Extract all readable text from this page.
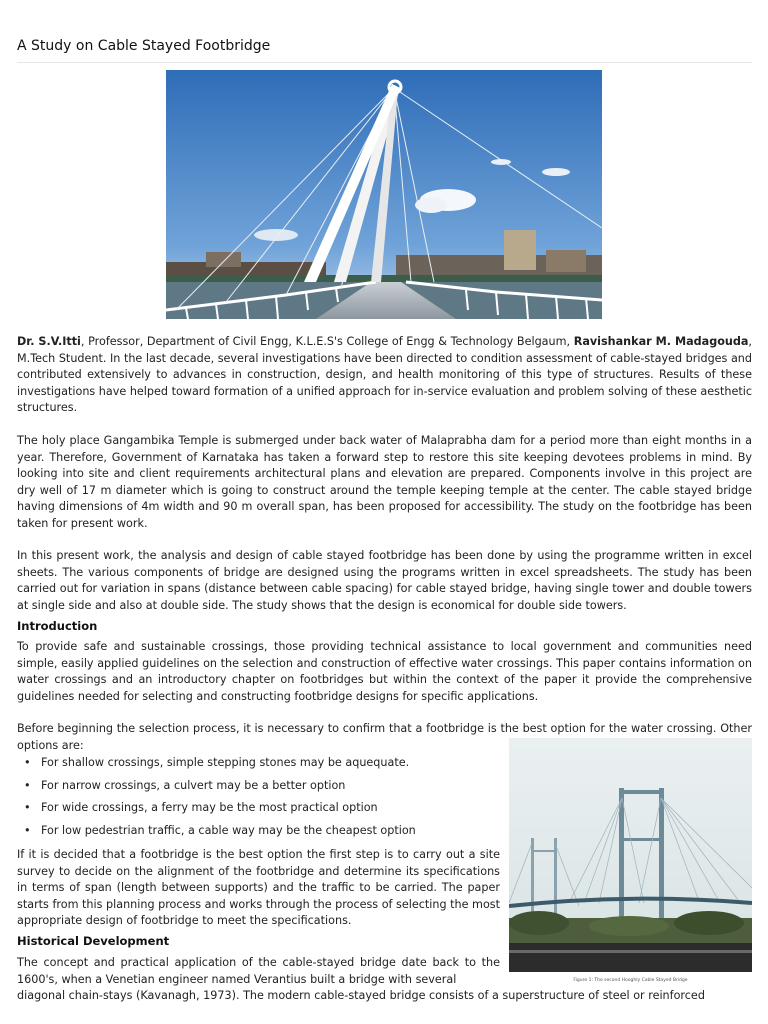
A Study on Cable Stayed Footbridge

Dr. S.V.Itti, Professor, Department of Civil Engg, K.L.E.S's College of Engg & Technology Belgaum, Ravishankar M. Madagouda, M.Tech Student. In the last decade, several investigations have been directed to condition assessment of cable-stayed bridges and contributed extensively to advances in construction, design, and health monitoring of this type of structures. Results of these investigations have helped toward formation of a unified approach for in-service evaluation and problem solving of these aesthetic structures.

The holy place Gangambika Temple is submerged under back water of Malaprabha dam for a period more than eight months in a year. Therefore, Government of Karnataka has taken a forward step to restore this site keeping devotees problems in mind. By looking into site and client requirements architectural plans and elevation are prepared. Components involve in this project are dry well of 17 m diameter which is going to construct around the temple keeping temple at the center. The cable stayed bridge having dimensions of 4m width and 90 m overall span, has been proposed for accessibility. The study on the footbridge has been taken for present work.

In this present work, the analysis and design of cable stayed footbridge has been done by using the programme written in excel sheets. The various components of bridge are designed using the programs written in excel spreadsheets. The study has been carried out for variation in spans (distance between cable spacing) for cable stayed bridge, having single tower and double towers at single side and also at double side. The study shows that the design is economical for double side towers.

Introduction

To provide safe and sustainable crossings, those providing technical assistance to local government and communities need simple, easily applied guidelines on the selection and construction of effective water crossings. This paper contains information on water crossings and an introductory chapter on footbridges but within the context of the paper it provide the comprehensive guidelines needed for selecting and constructing footbridge designs for specific applications.

Before beginning the selection process, it is necessary to confirm that a footbridge is the best option for the water crossing. Other options are:

• For shallow crossings, simple stepping stones may be aquequate.
• For narrow crossings, a culvert may be a better option
• For wide crossings, a ferry may be the most practical option
• For low pedestrian traffic, a cable way may be the cheapest option

If it is decided that a footbridge is the best option the first step is to carry out a site survey to decide on the alignment of the footbridge and determine its specifications in terms of span (length between supports) and the traffic to be carried. The paper starts from this planning process and works through the process of selecting the most appropriate design of footbridge to meet the specifications.

Historical Development

The concept and practical application of the cable-stayed bridge date back to the 1600's, when a Venetian engineer named Verantius built a bridge with several

diagonal chain-stays (Kavanagh, 1973). The modern cable-stayed bridge consists of a superstructure of steel or reinforced

Figure 1: The second Hooghly Cable Stayed Bridge
